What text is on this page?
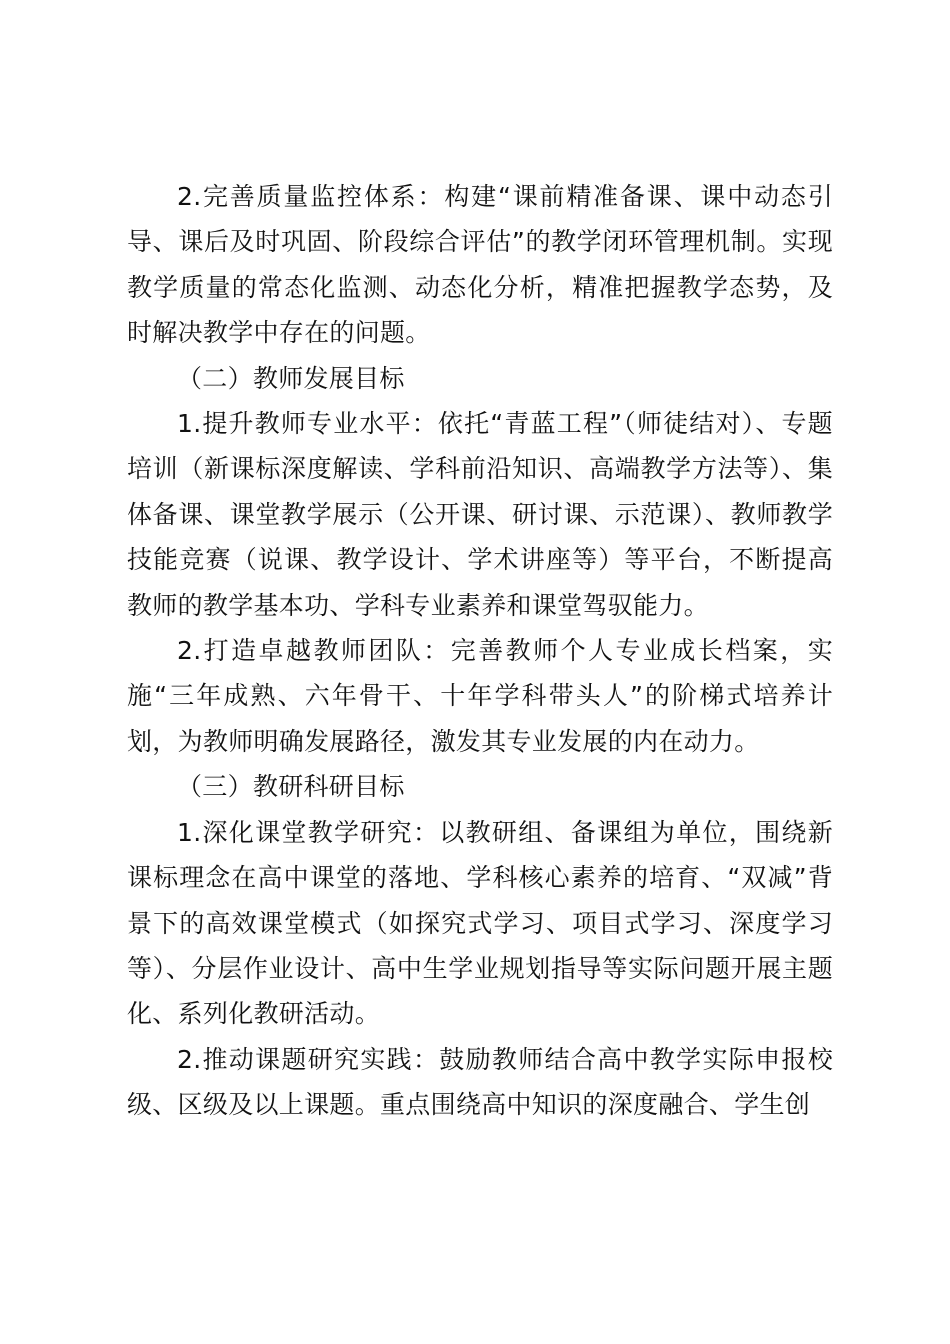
2.完善质量监控体系：构建“课前精准备课、课中动态引导、课后及时巩固、阶段综合评估”的教学闭环管理机制。实现教学质量的常态化监测、动态化分析，精准把握教学态势，及时解决教学中存在的问题。

（二）教师发展目标

1.提升教师专业水平：依托“青蓝工程”（师徒结对）、专题培训（新课标深度解读、学科前沿知识、高端教学方法等）、集体备课、课堂教学展示（公开课、研讨课、示范课）、教师教学技能竞赛（说课、教学设计、学术讲座等）等平台，不断提高教师的教学基本功、学科专业素养和课堂驾驭能力。

2.打造卓越教师团队：完善教师个人专业成长档案，实施“三年成熟、六年骨干、十年学科带头人”的阶梯式培养计划，为教师明确发展路径，激发其专业发展的内在动力。

（三）教研科研目标

1.深化课堂教学研究：以教研组、备课组为单位，围绕新课标理念在高中课堂的落地、学科核心素养的培育、“双减”背景下的高效课堂模式（如探究式学习、项目式学习、深度学习等）、分层作业设计、高中生学业规划指导等实际问题开展主题化、系列化教研活动。

2.推动课题研究实践：鼓励教师结合高中教学实际申报校级、区级及以上课题。重点围绕高中知识的深度融合、学生创
